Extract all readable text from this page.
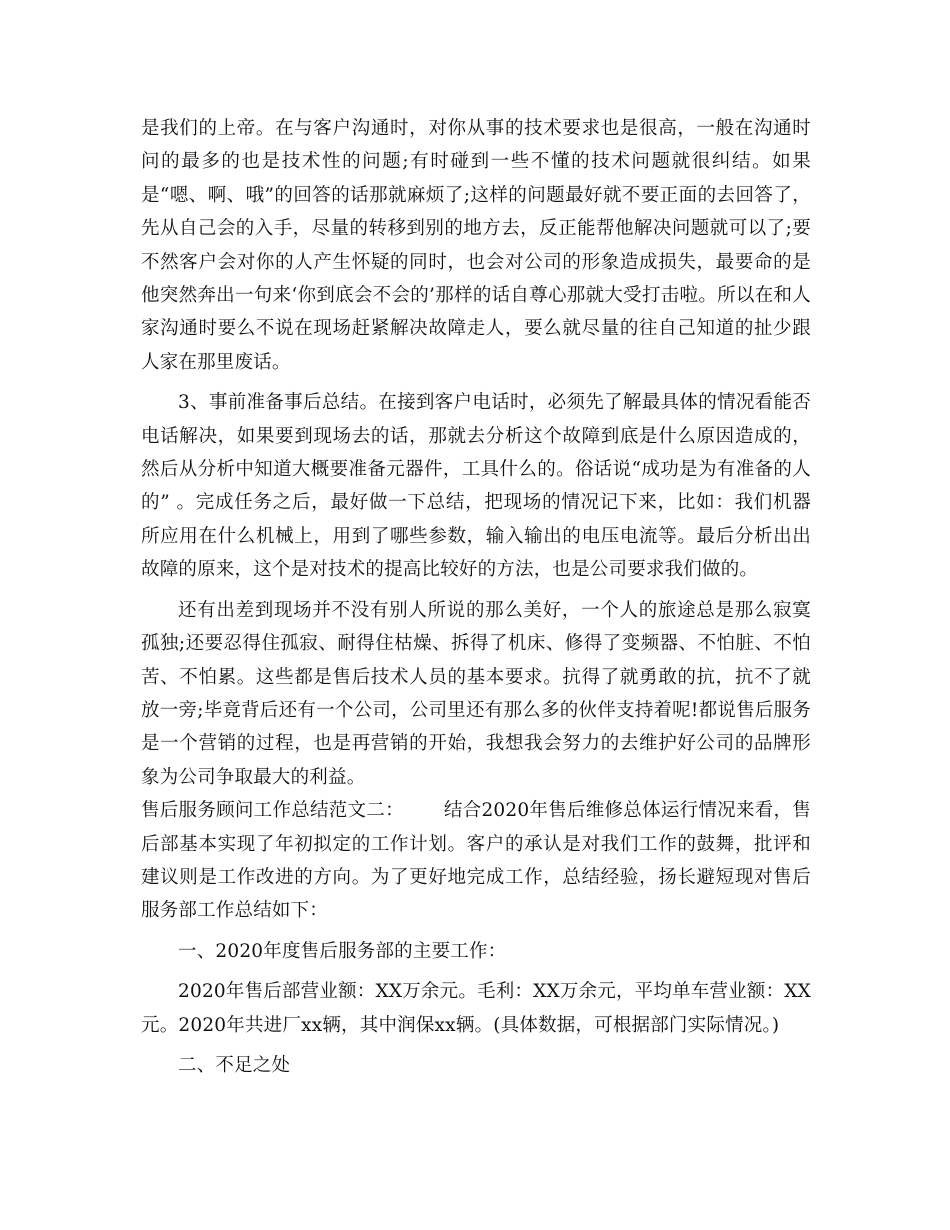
是我们的上帝。在与客户沟通时，对你从事的技术要求也是很高，一般在沟通时问的最多的也是技术性的问题;有时碰到一些不懂的技术问题就很纠结。如果是“嗯、啊、哦”的回答的话那就麻烦了;这样的问题最好就不要正面的去回答了，先从自己会的入手，尽量的转移到别的地方去，反正能帮他解决问题就可以了;要不然客户会对你的人产生怀疑的同时，也会对公司的形象造成损失，最要命的是他突然奔出一句来‘你到底会不会的’那样的话自尊心那就大受打击啦。所以在和人家沟通时要么不说在现场赶紧解决故障走人，要么就尽量的往自己知道的扯少跟人家在那里废话。

3、事前准备事后总结。在接到客户电话时，必须先了解最具体的情况看能否电话解决，如果要到现场去的话，那就去分析这个故障到底是什么原因造成的，然后从分析中知道大概要准备元器件，工具什么的。俗话说“成功是为有准备的人的” 。完成任务之后，最好做一下总结，把现场的情况记下来，比如：我们机器所应用在什么机械上，用到了哪些参数，输入输出的电压电流等。最后分析出出故障的原来，这个是对技术的提高比较好的方法，也是公司要求我们做的。

还有出差到现场并不没有别人所说的那么美好，一个人的旅途总是那么寂寞孤独;还要忍得住孤寂、耐得住枯燥、拆得了机床、修得了变频器、不怕脏、不怕苦、不怕累。这些都是售后技术人员的基本要求。抗得了就勇敢的抗，抗不了就放一旁;毕竟背后还有一个公司，公司里还有那么多的伙伴支持着呢!都说售后服务是一个营销的过程，也是再营销的开始，我想我会努力的去维护好公司的品牌形象为公司争取最大的利益。

售后服务顾问工作总结范文二： 结合2020年售后维修总体运行情况来看，售后部基本实现了年初拟定的工作计划。客户的承认是对我们工作的鼓舞，批评和建议则是工作改进的方向。为了更好地完成工作，总结经验，扬长避短现对售后服务部工作总结如下：

一、2020年度售后服务部的主要工作：

2020年售后部营业额：XX万余元。毛利：XX万余元，平均单车营业额：XX元。2020年共进厂xx辆，其中润保xx辆。(具体数据，可根据部门实际情况。)

二、不足之处
